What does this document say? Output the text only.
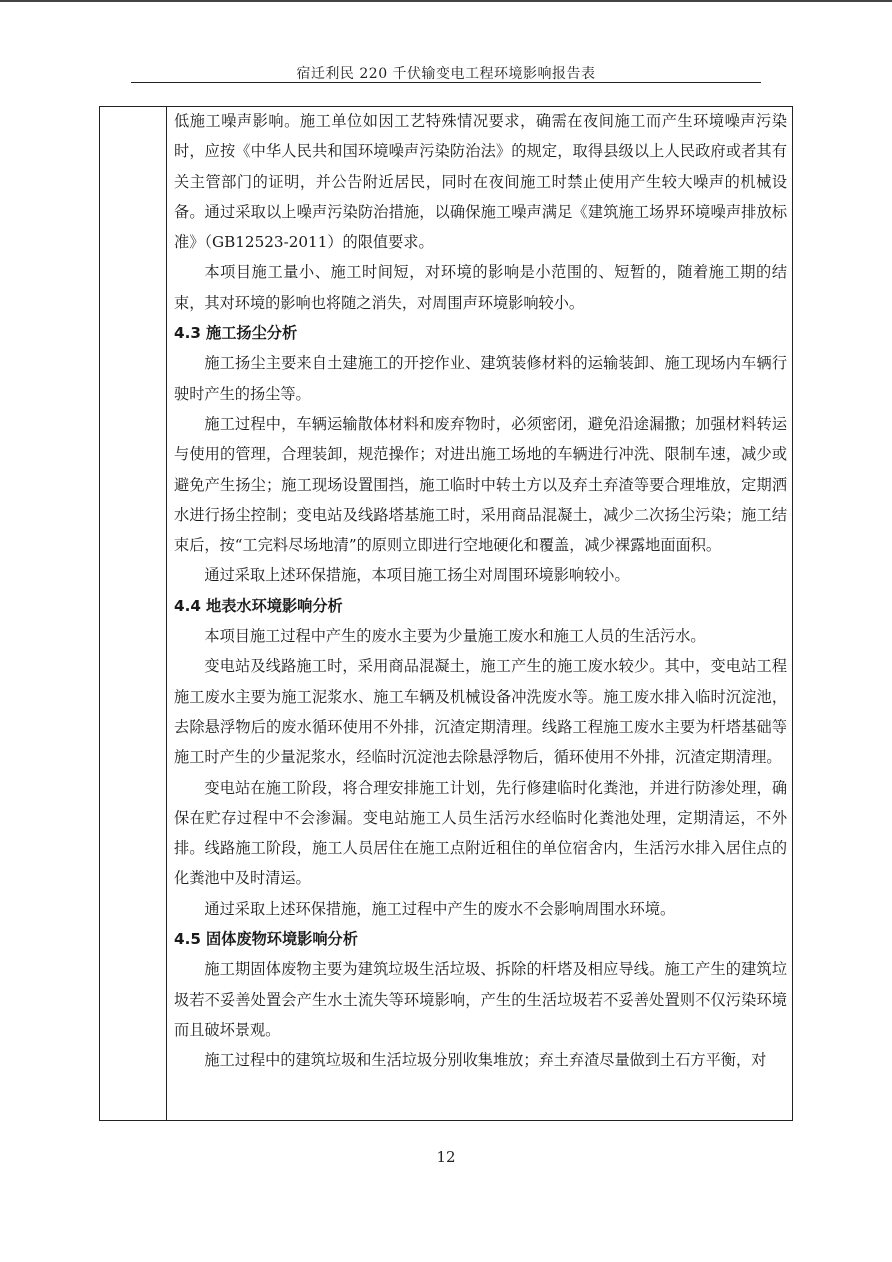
宿迁利民 220 千伏输变电工程环境影响报告表

低施工噪声影响。施工单位如因工艺特殊情况要求，确需在夜间施工而产生环境噪声污染时，应按《中华人民共和国环境噪声污染防治法》的规定，取得县级以上人民政府或者其有关主管部门的证明，并公告附近居民，同时在夜间施工时禁止使用产生较大噪声的机械设备。通过采取以上噪声污染防治措施，以确保施工噪声满足《建筑施工场界环境噪声排放标准》（GB12523-2011）的限值要求。

本项目施工量小、施工时间短，对环境的影响是小范围的、短暂的，随着施工期的结束，其对环境的影响也将随之消失，对周围声环境影响较小。

4.3 施工扬尘分析

施工扬尘主要来自土建施工的开挖作业、建筑装修材料的运输装卸、施工现场内车辆行驶时产生的扬尘等。

施工过程中，车辆运输散体材料和废弃物时，必须密闭，避免沿途漏撒；加强材料转运与使用的管理，合理装卸，规范操作；对进出施工场地的车辆进行冲洗、限制车速，减少或避免产生扬尘；施工现场设置围挡，施工临时中转土方以及弃土弃渣等要合理堆放，定期洒水进行扬尘控制；变电站及线路塔基施工时，采用商品混凝土，减少二次扬尘污染；施工结束后，按“工完料尽场地清”的原则立即进行空地硬化和覆盖，减少裸露地面面积。

通过采取上述环保措施，本项目施工扬尘对周围环境影响较小。

4.4 地表水环境影响分析

本项目施工过程中产生的废水主要为少量施工废水和施工人员的生活污水。

变电站及线路施工时，采用商品混凝土，施工产生的施工废水较少。其中，变电站工程施工废水主要为施工泥浆水、施工车辆及机械设备冲洗废水等。施工废水排入临时沉淀池，去除悬浮物后的废水循环使用不外排，沉渣定期清理。线路工程施工废水主要为杆塔基础等施工时产生的少量泥浆水，经临时沉淀池去除悬浮物后，循环使用不外排，沉渣定期清理。

变电站在施工阶段，将合理安排施工计划，先行修建临时化粪池，并进行防渗处理，确保在贮存过程中不会渗漏。变电站施工人员生活污水经临时化粪池处理，定期清运，不外排。线路施工阶段，施工人员居住在施工点附近租住的单位宿舍内，生活污水排入居住点的化粪池中及时清运。

通过采取上述环保措施，施工过程中产生的废水不会影响周围水环境。

4.5 固体废物环境影响分析

施工期固体废物主要为建筑垃圾生活垃圾、拆除的杆塔及相应导线。施工产生的建筑垃圾若不妥善处置会产生水土流失等环境影响，产生的生活垃圾若不妥善处置则不仅污染环境而且破坏景观。

施工过程中的建筑垃圾和生活垃圾分别收集堆放；弃土弃渣尽量做到土石方平衡，对

12
